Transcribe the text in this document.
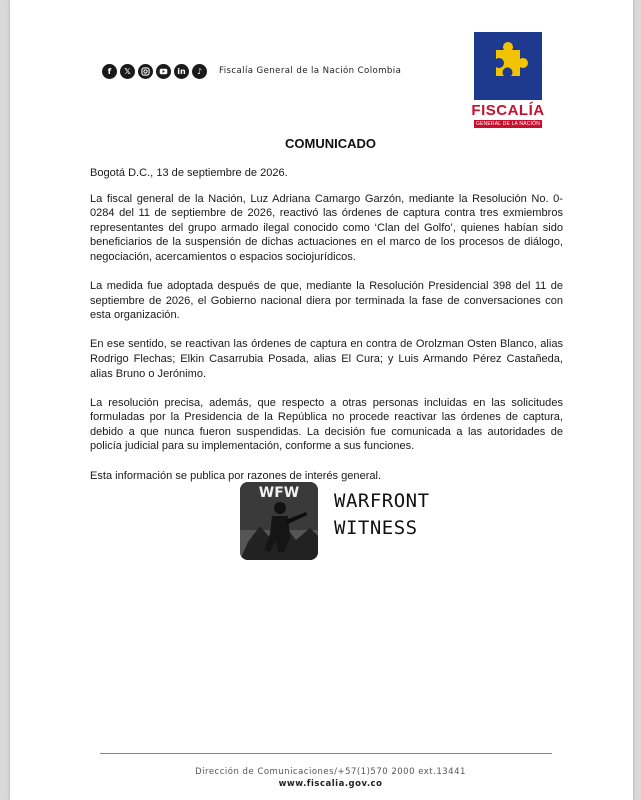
f	𝕏	in	♪	Fiscalía General de la Nación Colombia
FISCALÍA
GENERAL DE LA NACIÓN
COMUNICADO

Bogotá D.C., 13 de septiembre de 2026.

La fiscal general de la Nación, Luz Adriana Camargo Garzón, mediante la Resolución No. 0-0284 del 11 de septiembre de 2026, reactivó las órdenes de captura contra tres exmiembros representantes del grupo armado ilegal conocido como ‘Clan del Golfo’, quienes habían sido beneficiarios de la suspensión de dichas actuaciones en el marco de los procesos de diálogo, negociación, acercamientos o espacios sociojurídicos.

La medida fue adoptada después de que, mediante la Resolución Presidencial 398 del 11 de septiembre de 2026, el Gobierno nacional diera por terminada la fase de conversaciones con esta organización.

En ese sentido, se reactivan las órdenes de captura en contra de Orolzman Osten Blanco, alias Rodrigo Flechas; Elkin Casarrubia Posada, alias El Cura; y Luis Armando Pérez Castañeda, alias Bruno o Jerónimo.

La resolución precisa, además, que respecto a otras personas incluidas en las solicitudes formuladas por la Presidencia de la República no procede reactivar las órdenes de captura, debido a que nunca fueron suspendidas. La decisión fue comunicada a las autoridades de policía judicial para su implementación, conforme a sus funciones.

Esta información se publica por razones de interés general.

WFW WARFRONT
WITNESS
Dirección de Comunicaciones/+57(1)570 2000 ext.13441
www.fiscalia.gov.co
